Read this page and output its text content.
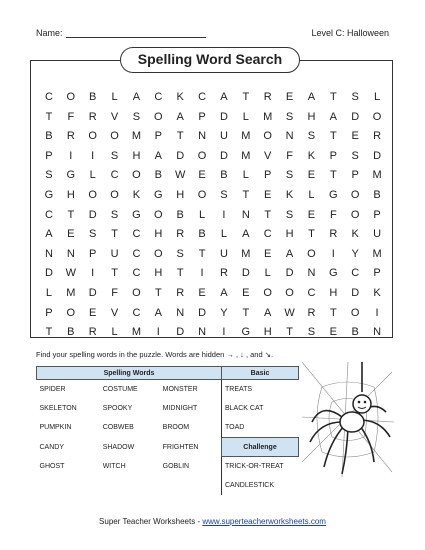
Name:	Level C: Halloween
Spelling Word Search
C	O	B	L	A	C	K	C	A	T	R	E	A	T	S	L
T	F	R	V	S	O	A	P	D	L	M	S	H	A	D	O
B	R	O	O	M	P	T	N	U	M	O	N	S	T	E	R
P	I	I	S	H	A	D	O	D	M	V	F	K	P	S	D
S	G	L	C	O	B	W	E	B	L	P	S	E	T	P	M
G	H	O	O	K	G	H	O	S	T	E	K	L	G	O	B
C	T	D	S	G	O	B	L	I	N	T	S	E	F	O	P
A	E	S	T	C	H	R	B	L	A	C	H	T	R	K	U
N	N	P	U	C	O	S	T	U	M	E	A	O	I	Y	M
D	W	I	T	C	H	T	I	R	D	L	D	N	G	C	P
L	M	D	F	O	T	R	E	A	E	O	O	C	H	D	K
P	O	E	V	C	A	N	D	Y	T	A	W	R	T	O	I
T	B	R	L	M	I	D	N	I	G	H	T	S	E	B	N
Find your spelling words in the puzzle. Words are hidden → , ↓ , and ↘.
Spelling Words			Basic
SPIDER	COSTUME	MONSTER	TREATS
SKELETON	SPOOKY	MIDNIGHT	BLACK CAT
PUMPKIN	COBWEB	BROOM	TOAD
CANDY	SHADOW	FRIGHTEN	Challenge
GHOST	WITCH	GOBLIN	TRICK-OR-TREAT
			CANDLESTICK
Super Teacher Worksheets - www.superteacherworksheets.com
